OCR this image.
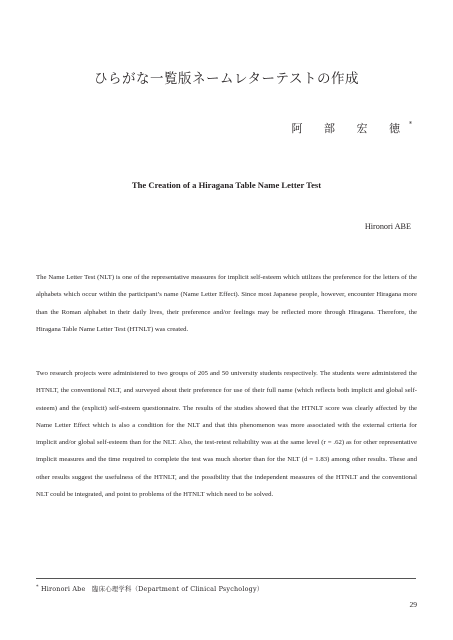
ひらがな一覧版ネームレターテストの作成
阿 部 宏 徳*
The Creation of a Hiragana Table Name Letter Test
Hironori ABE

The Name Letter Test (NLT) is one of the representative measures for implicit self-esteem which utilizes the preference for the letters of the alphabets which occur within the participant’s name (Name Letter Effect). Since most Japanese people, however, encounter Hiragana more than the Roman alphabet in their daily lives, their preference and/or feelings may be reflected more through Hiragana. Therefore, the Hiragana Table Name Letter Test (HTNLT) was created.

Two research projects were administered to two groups of 205 and 50 university students respectively. The students were administered the HTNLT, the conventional NLT, and surveyed about their preference for use of their full name (which reflects both implicit and global self-esteem) and the (explicit) self-esteem questionnaire. The results of the studies showed that the HTNLT score was clearly affected by the Name Letter Effect which is also a condition for the NLT and that this phenomenon was more associated with the external criteria for implicit and/or global self-esteem than for the NLT. Also, the test-retest reliability was at the same level (r = .62) as for other representative implicit measures and the time required to complete the test was much shorter than for the NLT (d = 1.83) among other results. These and other results suggest the usefulness of the HTNLT, and the possibility that the independent measures of the HTNLT and the conventional NLT could be integrated, and point to problems of the HTNLT which need to be solved.

* Hironori Abe　臨床心理学科（Department of Clinical Psychology）
29
